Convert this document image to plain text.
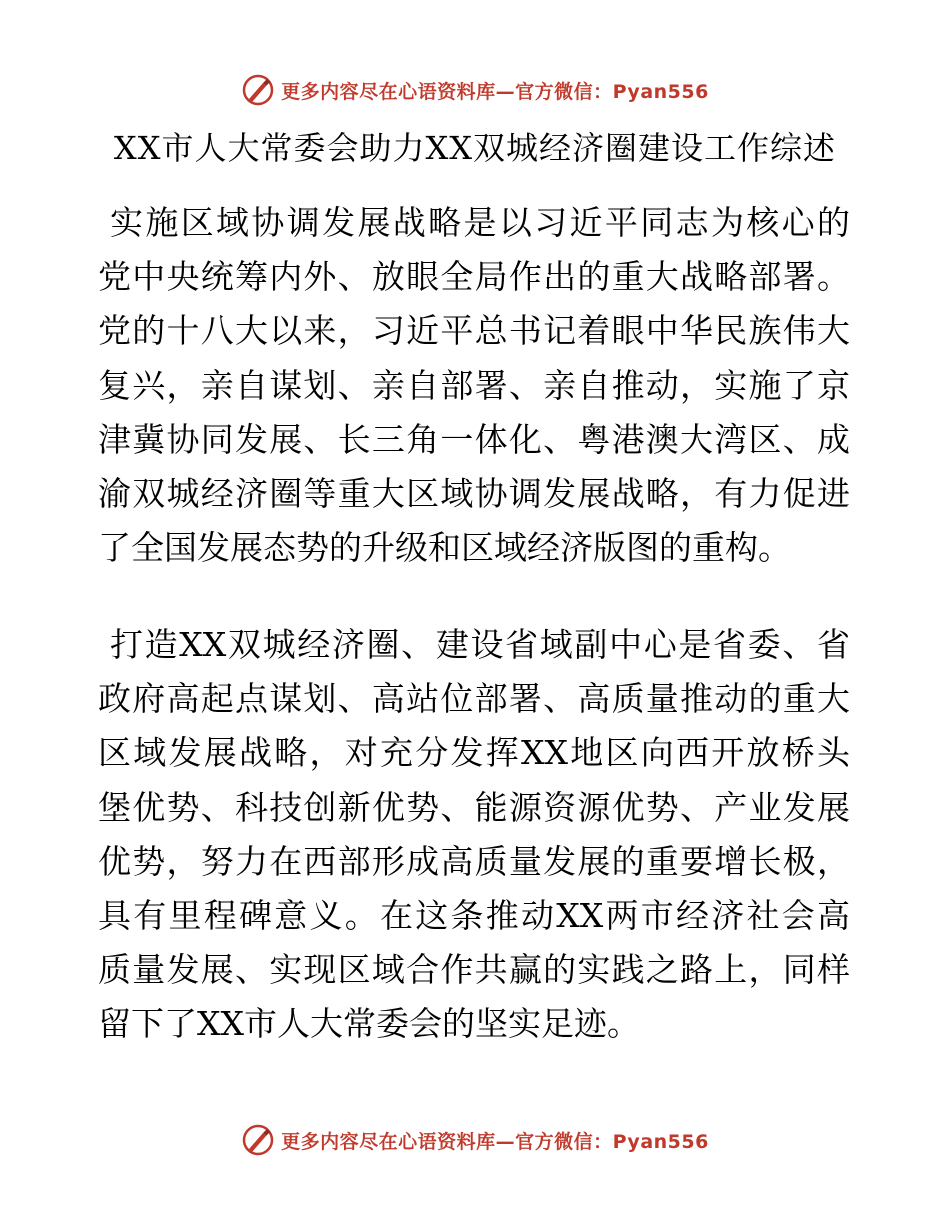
更多内容尽在心语资料库—官方微信：Pyan556
XX市人大常委会助力XX双城经济圈建设工作综述
实施区域协调发展战略是以习近平同志为核心的
党中央统筹内外、放眼全局作出的重大战略部署。
党的十八大以来，习近平总书记着眼中华民族伟大
复兴，亲自谋划、亲自部署、亲自推动，实施了京
津冀协同发展、长三角一体化、粤港澳大湾区、成
渝双城经济圈等重大区域协调发展战略，有力促进
了全国发展态势的升级和区域经济版图的重构。
打造XX双城经济圈、建设省域副中心是省委、省
政府高起点谋划、高站位部署、高质量推动的重大
区域发展战略，对充分发挥XX地区向西开放桥头
堡优势、科技创新优势、能源资源优势、产业发展
优势，努力在西部形成高质量发展的重要增长极，
具有里程碑意义。在这条推动XX两市经济社会高
质量发展、实现区域合作共赢的实践之路上，同样
留下了XX市人大常委会的坚实足迹。
更多内容尽在心语资料库—官方微信：Pyan556
